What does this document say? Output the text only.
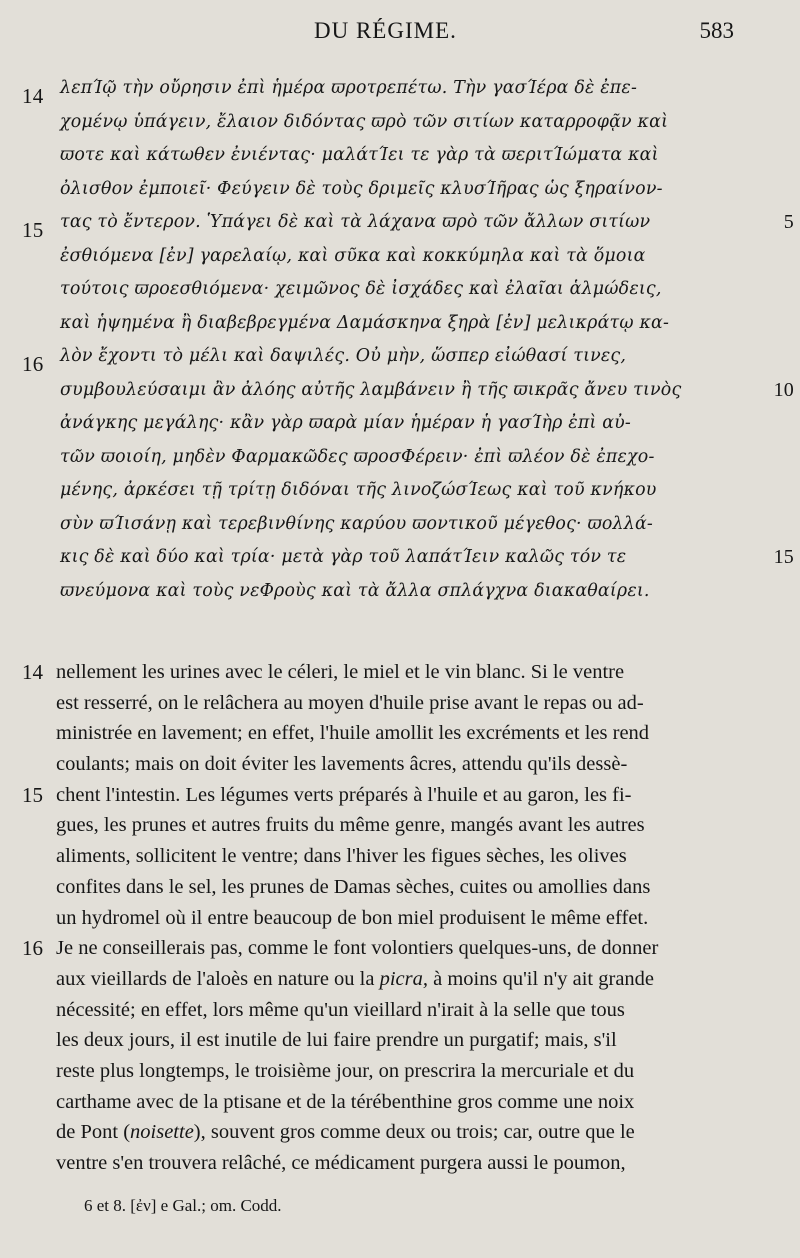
DU RÉGIME.	583
14 λεπΊῷ τὴν οὔρησιν ἐπὶ ἡμέρα ϖροτρεπέτω. Τὴν γασΊέρα δὲ ἐπε-
χομένῳ ὑπάγειν, ἔλαιον διδόντας ϖρὸ τῶν σιτίων καταρροφᾷν καὶ
ϖοτε καὶ κάτωθεν ἐνιέντας· μαλάτΊει τε γὰρ τὰ ϖεριτΊώματα καὶ
ὀλισθον ἐμποιεῖ· Φεύγειν δὲ τοὺς δριμεῖς κλυσΊῆρας ὡς ξηραίνον-
15 τας τὸ ἔντερον. Ὑπάγει δὲ καὶ τὰ λάχανα ϖρὸ τῶν ἄλλων σιτίων	5
ἐσθιόμενα [ἐν] γαρελαίῳ, καὶ σῦκα καὶ κοκκύμηλα καὶ τὰ ὅμοια
τούτοις ϖροεσθιόμενα· χειμῶνος δὲ ἰσχάδες καὶ ἐλαῖαι ἁλμώδεις,
καὶ ἡψημένα ἢ διαβεβρεγμένα Δαμάσκηνα ξηρὰ [ἐν] μελικράτῳ κα-
16 λὸν ἔχοντι τὸ μέλι καὶ δαψιλές. Οὐ μὴν, ὥσπερ εἰώθασί τινες,
συμβουλεύσαιμι ἂν ἀλόης αὐτῆς λαμβάνειν ἢ τῆς ϖικρᾶς ἄνευ τινὸς	10
ἀνάγκης μεγάλης· κἂν γὰρ ϖαρὰ μίαν ἡμέραν ἡ γασΊὴρ ἐπὶ αὐ-
τῶν ϖοιοίη, μηδὲν Φαρμακῶδες ϖροσΦέρειν· ἐπὶ ϖλέον δὲ ἐπεχο-
μένης, ἀρκέσει τῇ τρίτῃ διδόναι τῆς λινοζώσΊεως καὶ τοῦ κνήκου
σὺν ϖΊισάνῃ καὶ τερεβινθίνης καρύου ϖοντικοῦ μέγεθος· ϖολλά-
κις δὲ καὶ δύο καὶ τρία· μετὰ γὰρ τοῦ λαπάτΊειν καλῶς τόν τε	15
ϖνεύμονα καὶ τοὺς νεΦροὺς καὶ τὰ ἄλλα σπλάγχνα διακαθαίρει.
14 nellement les urines avec le céleri, le miel et le vin blanc. Si le ventre
est resserré, on le relâchera au moyen d'huile prise avant le repas ou ad-
ministrée en lavement; en effet, l'huile amollit les excréments et les rend
coulants; mais on doit éviter les lavements âcres, attendu qu'ils dessè-
15 chent l'intestin. Les légumes verts préparés à l'huile et au garon, les fi-
gues, les prunes et autres fruits du même genre, mangés avant les autres
aliments, sollicitent le ventre; dans l'hiver les figues sèches, les olives
confites dans le sel, les prunes de Damas sèches, cuites ou amollies dans
un hydromel où il entre beaucoup de bon miel produisent le même effet.
16 Je ne conseillerais pas, comme le font volontiers quelques-uns, de donner
aux vieillards de l'aloès en nature ou la picra, à moins qu'il n'y ait grande
nécessité; en effet, lors même qu'un vieillard n'irait à la selle que tous
les deux jours, il est inutile de lui faire prendre un purgatif; mais, s'il
reste plus longtemps, le troisième jour, on prescrira la mercuriale et du
carthame avec de la ptisane et de la térébenthine gros comme une noix
de Pont (noisette), souvent gros comme deux ou trois; car, outre que le
ventre s'en trouvera relâché, ce médicament purgera aussi le poumon,
6 et 8. [ἐν] e Gal.; om. Codd.
